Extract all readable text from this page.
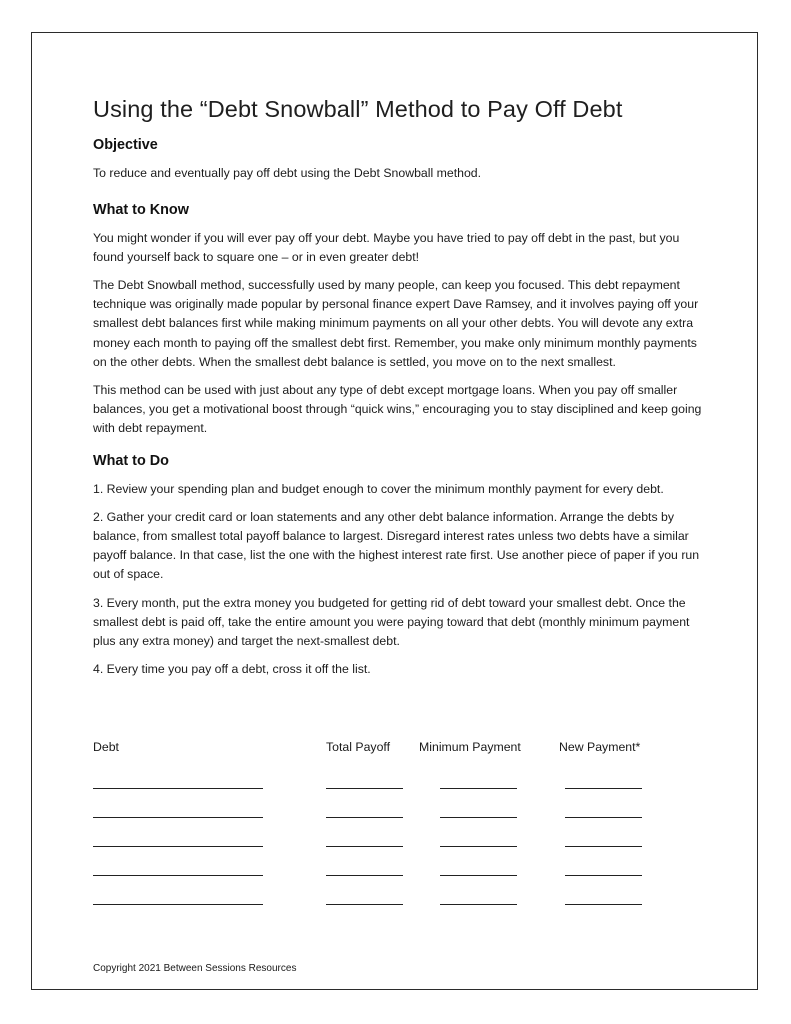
Using the “Debt Snowball” Method to Pay Off Debt
Objective

To reduce and eventually pay off debt using the Debt Snowball method.

What to Know

You might wonder if you will ever pay off your debt. Maybe you have tried to pay off debt in the past, but you found yourself back to square one – or in even greater debt!

The Debt Snowball method, successfully used by many people, can keep you focused. This debt repayment technique was originally made popular by personal finance expert Dave Ramsey, and it involves paying off your smallest debt balances first while making minimum payments on all your other debts. You will devote any extra money each month to paying off the smallest debt first. Remember, you make only minimum monthly payments on the other debts. When the smallest debt balance is settled, you move on to the next smallest.

This method can be used with just about any type of debt except mortgage loans. When you pay off smaller balances, you get a motivational boost through “quick wins,” encouraging you to stay disciplined and keep going with debt repayment.

What to Do

1. Review your spending plan and budget enough to cover the minimum monthly payment for every debt.

2. Gather your credit card or loan statements and any other debt balance information. Arrange the debts by balance, from smallest total payoff balance to largest. Disregard interest rates unless two debts have a similar payoff balance. In that case, list the one with the highest interest rate first. Use another piece of paper if you run out of space.

3. Every month, put the extra money you budgeted for getting rid of debt toward your smallest debt. Once the smallest debt is paid off, take the entire amount you were paying toward that debt (monthly minimum payment plus any extra money) and target the next-smallest debt.

4. Every time you pay off a debt, cross it off the list.

Debt	Total Payoff Minimum Payment	New Payment*
Copyright 2021 Between Sessions Resources
